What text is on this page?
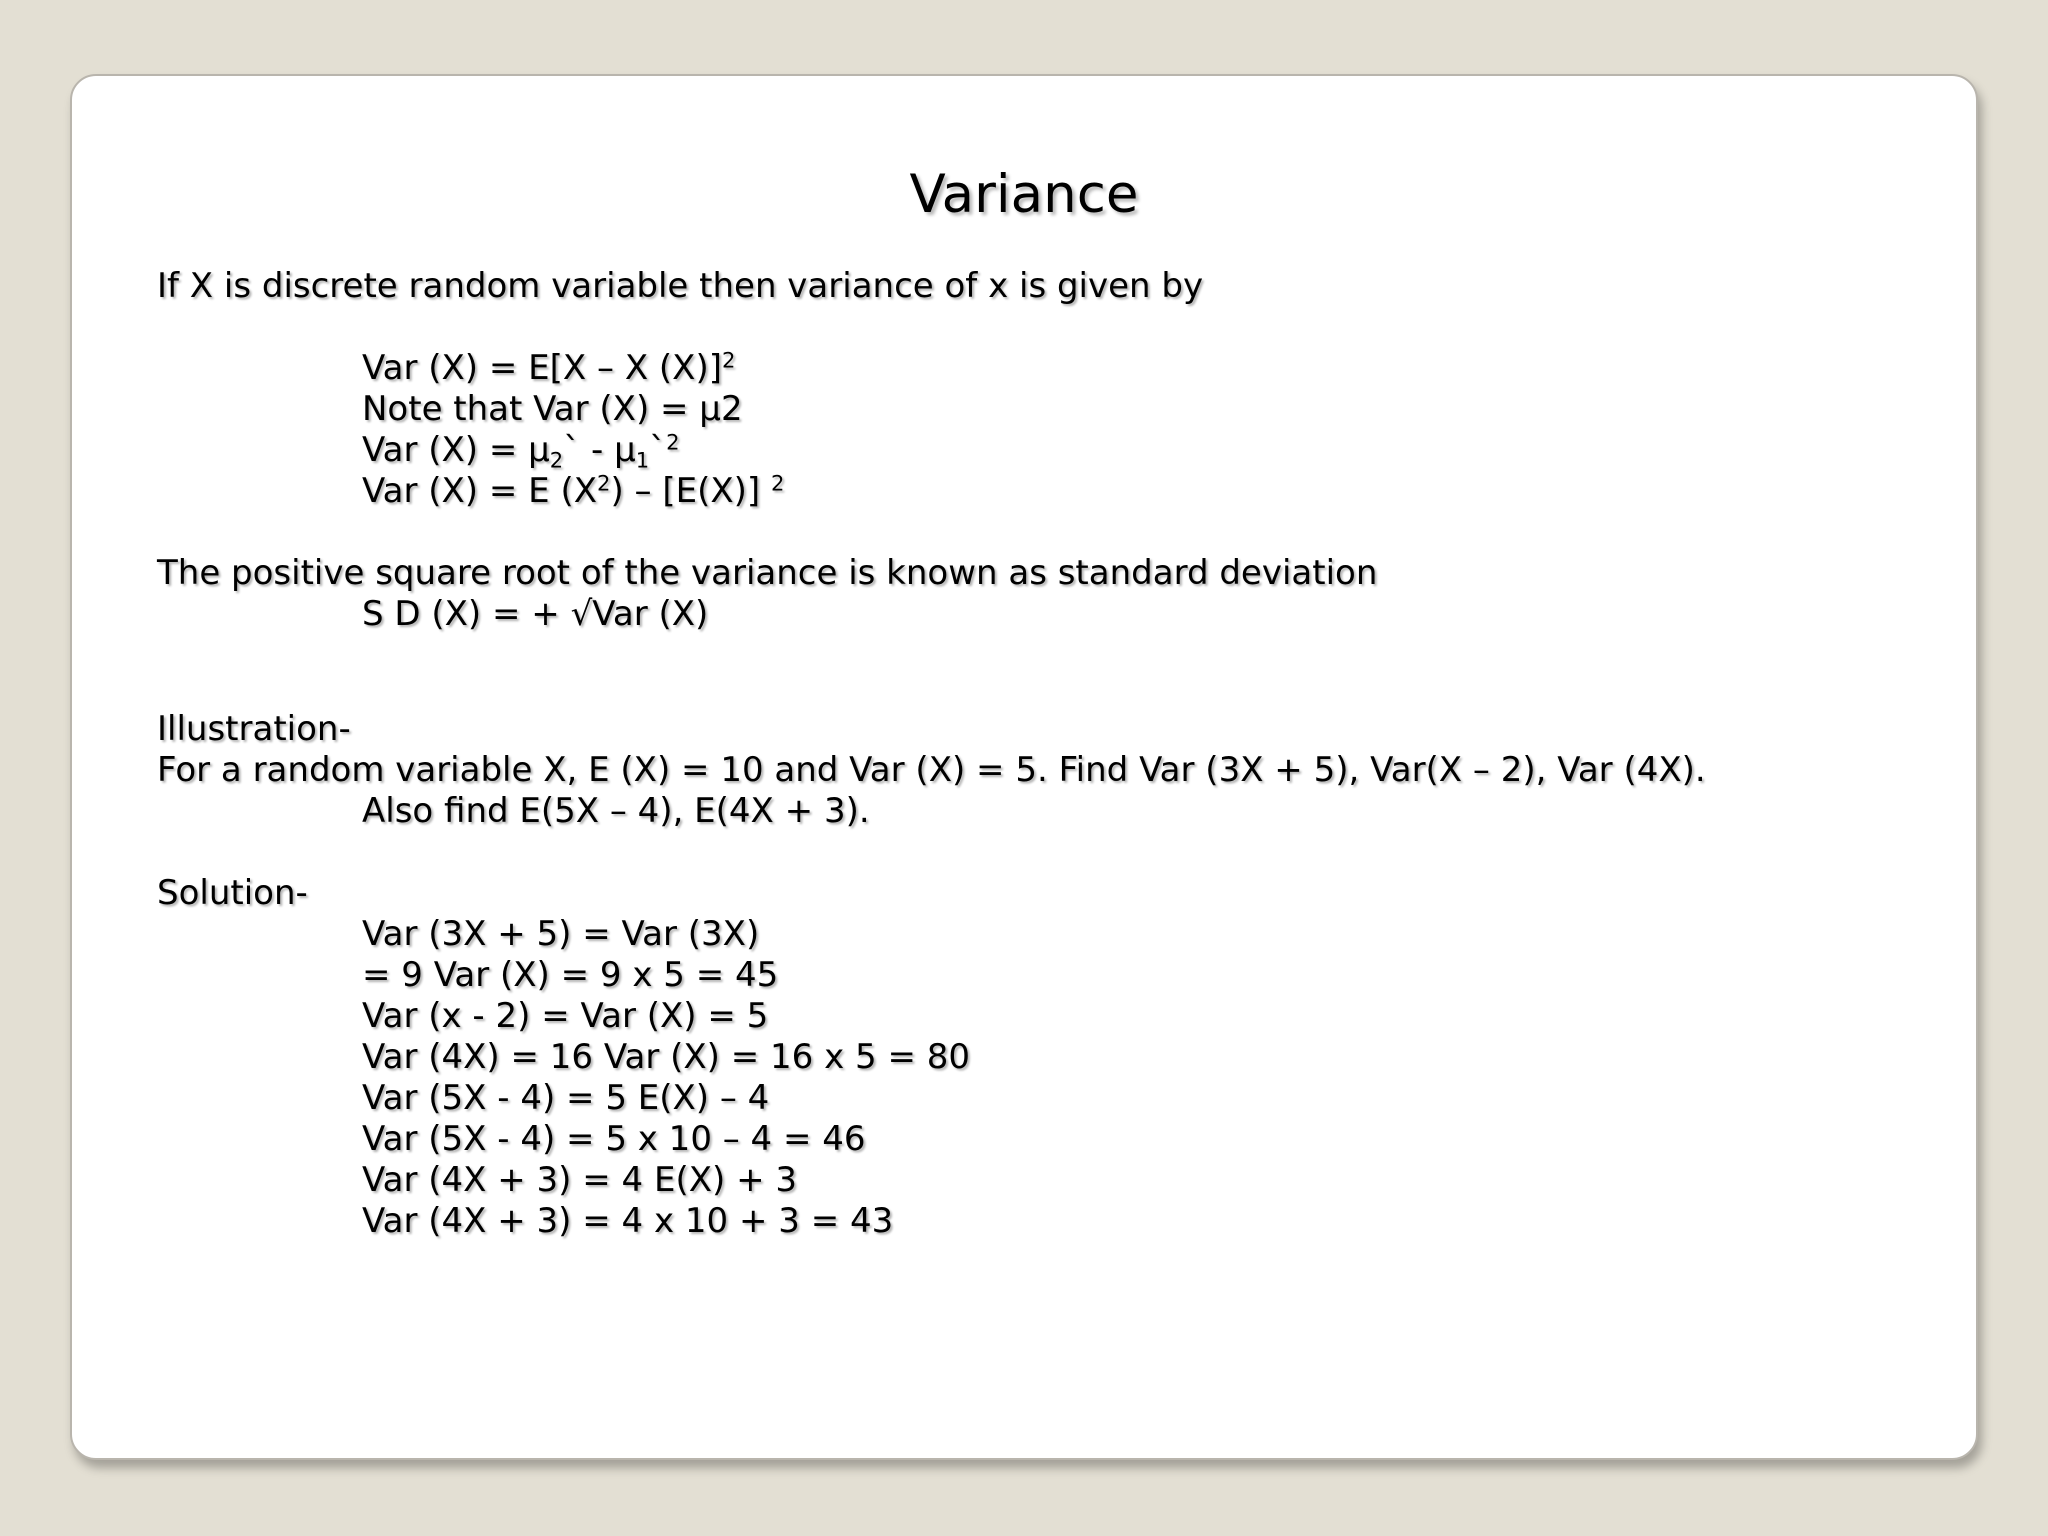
Variance
If X is discrete random variable then variance of x is given by
Var (X) = E[X – X (X)]$^2$
Note that Var (X) = μ2
Var $(X) = \mu_2`$ - $\mu_1`^2$
Var (X) = E $(X^2) - [E(X)]$ $^2$
The positive square root of the variance is known as standard deviation
S D (X) = + √Var (X)
Illustration-
For a random variable X, E (X) = 10 and Var (X) = 5. Find Var (3X + 5), Var(X – 2), Var (4X).
Also find E(5X – 4), E(4X + 3).
Solution-
Var (3X + 5) = Var (3X)
= 9 Var (X) = 9 x 5 = 45
Var (x - 2) = Var (X) = 5
Var (4X) = 16 Var (X) = 16 x 5 = 80
Var (5X - 4) = 5 E(X) – 4
Var (5X - 4) = 5 x 10 – 4 = 46
Var (4X + 3) = 4 E(X) + 3
Var (4X + 3) = 4 x 10 + 3 = 43
